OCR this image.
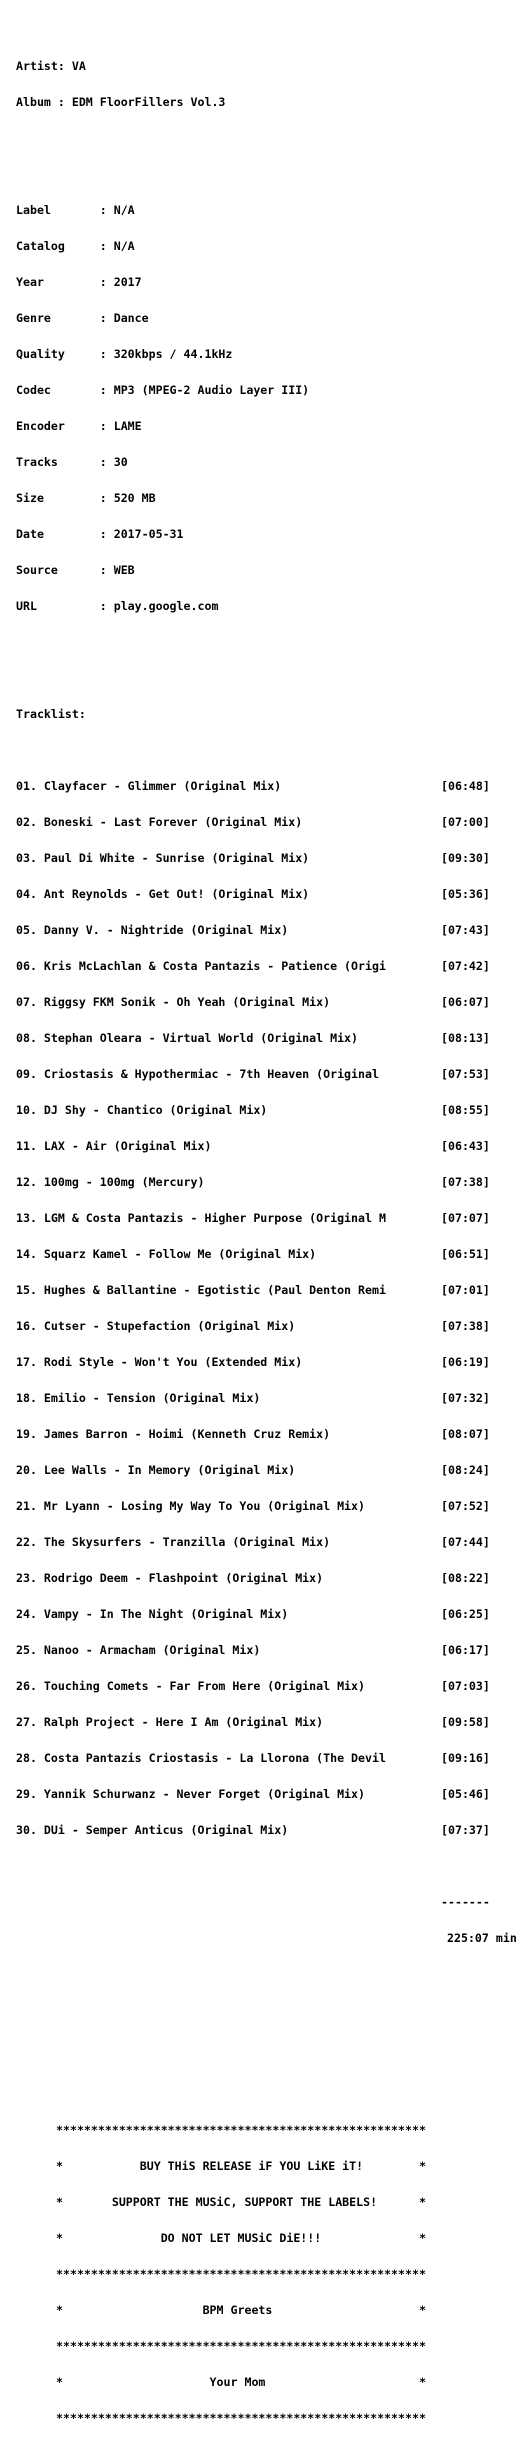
Artist: VA

Album : EDM FloorFillers Vol.3

Label       : N/A

Catalog     : N/A

Year        : 2017

Genre       : Dance

Quality     : 320kbps / 44.1kHz

Codec       : MP3 (MPEG-2 Audio Layer III)

Encoder     : LAME

Tracks      : 30

Size        : 520 MB

Date        : 2017-05-31

Source      : WEB

URL         : play.google.com

Tracklist:

01. Clayfacer - Glimmer (Original Mix)	[06:48]

02. Boneski - Last Forever (Original Mix)	[07:00]

03. Paul Di White - Sunrise (Original Mix)	[09:30]

04. Ant Reynolds - Get Out! (Original Mix)	[05:36]

05. Danny V. - Nightride (Original Mix)	[07:43]

06. Kris McLachlan & Costa Pantazis - Patience (Origi	[07:42]

07. Riggsy FKM Sonik - Oh Yeah (Original Mix)	[06:07]

08. Stephan Oleara - Virtual World (Original Mix)	[08:13]

09. Criostasis & Hypothermiac - 7th Heaven (Original	[07:53]

10. DJ Shy - Chantico (Original Mix)	[08:55]

11. LAX - Air (Original Mix)	[06:43]

12. 100mg - 100mg (Mercury)	[07:38]

13. LGM & Costa Pantazis - Higher Purpose (Original M	[07:07]

14. Squarz Kamel - Follow Me (Original Mix)	[06:51]

15. Hughes & Ballantine - Egotistic (Paul Denton Remi	[07:01]

16. Cutser - Stupefaction (Original Mix)	[07:38]

17. Rodi Style - Won't You (Extended Mix)	[06:19]

18. Emilio - Tension (Original Mix)	[07:32]

19. James Barron - Hoimi (Kenneth Cruz Remix)	[08:07]

20. Lee Walls - In Memory (Original Mix)	[08:24]

21. Mr Lyann - Losing My Way To You (Original Mix)	[07:52]

22. The Skysurfers - Tranzilla (Original Mix)	[07:44]

23. Rodrigo Deem - Flashpoint (Original Mix)	[08:22]

24. Vampy - In The Night (Original Mix)	[06:25]

25. Nanoo - Armacham (Original Mix)	[06:17]

26. Touching Comets - Far From Here (Original Mix)	[07:03]

27. Ralph Project - Here I Am (Original Mix)	[09:58]

28. Costa Pantazis Criostasis - La Llorona (The Devil	[09:16]

29. Yannik Schurwanz - Never Forget (Original Mix)	[05:46]

30. DUi - Semper Anticus (Original Mix)	[07:37]

-------

225:07 min

*****************************************************

*           BUY THiS RELEASE iF YOU LiKE iT!        *

*       SUPPORT THE MUSiC, SUPPORT THE LABELS!      *

*              DO NOT LET MUSiC DiE!!!              *

*****************************************************

*                    BPM Greets                     *

*****************************************************

*                     Your Mom                      *

*****************************************************
